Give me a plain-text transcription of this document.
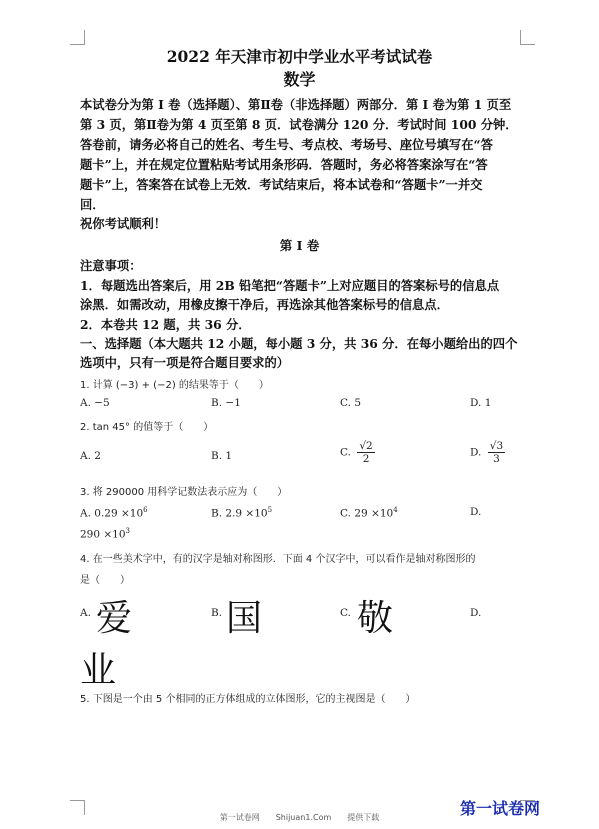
2022 年天津市初中学业水平考试试卷
数学
本试卷分为第 I 卷（选择题）、第Ⅱ卷（非选择题）两部分．第 I 卷为第 1 页至
第 3 页，第Ⅱ卷为第 4 页至第 8 页．试卷满分 120 分．考试时间 100 分钟．
答卷前，请务必将自己的姓名、考生号、考点校、考场号、座位号填写在“答
题卡”上，并在规定位置粘贴考试用条形码．答题时，务必将答案涂写在“答
题卡”上，答案答在试卷上无效．考试结束后，将本试卷和“答题卡”一并交
回．
祝你考试顺利！
第 I 卷
注意事项：
1．每题选出答案后，用 2B 铅笔把“答题卡”上对应题目的答案标号的信息点
涂黑．如需改动，用橡皮擦干净后，再选涂其他答案标号的信息点．
2．本卷共 12 题，共 36 分．
一、选择题（本大题共 12 小题，每小题 3 分，共 36 分．在每小题给出的四个
选项中，只有一项是符合题目要求的）
1. 计算 (−3) + (−2) 的结果等于（　　）
A. −5	B. −1	C. 5	D. 1
2. tan 45° 的值等于（　　）
A. 2	B. 1	C. $\frac{√2}{2}$	D. $\frac{√3}{3}$
3. 将 290000 用科学记数法表示应为（　　）
A. $0.29 \times 10^6$	B. $2.9 \times 10^5$	C. $29 \times 10^4$	D.
$290 \times 10^3$
4. 在一些美术字中，有的汉字是轴对称图形．下面 4 个汉字中，可以看作是轴对称图形的
是（　　）
A. 爱	B. 国	C. 敬	D.
业
5. 下图是一个由 5 个相同的正方体组成的立体图形，它的主视图是（　　）
第一试卷网
第一试卷网　　Shijuan1.Com　　提供下载
